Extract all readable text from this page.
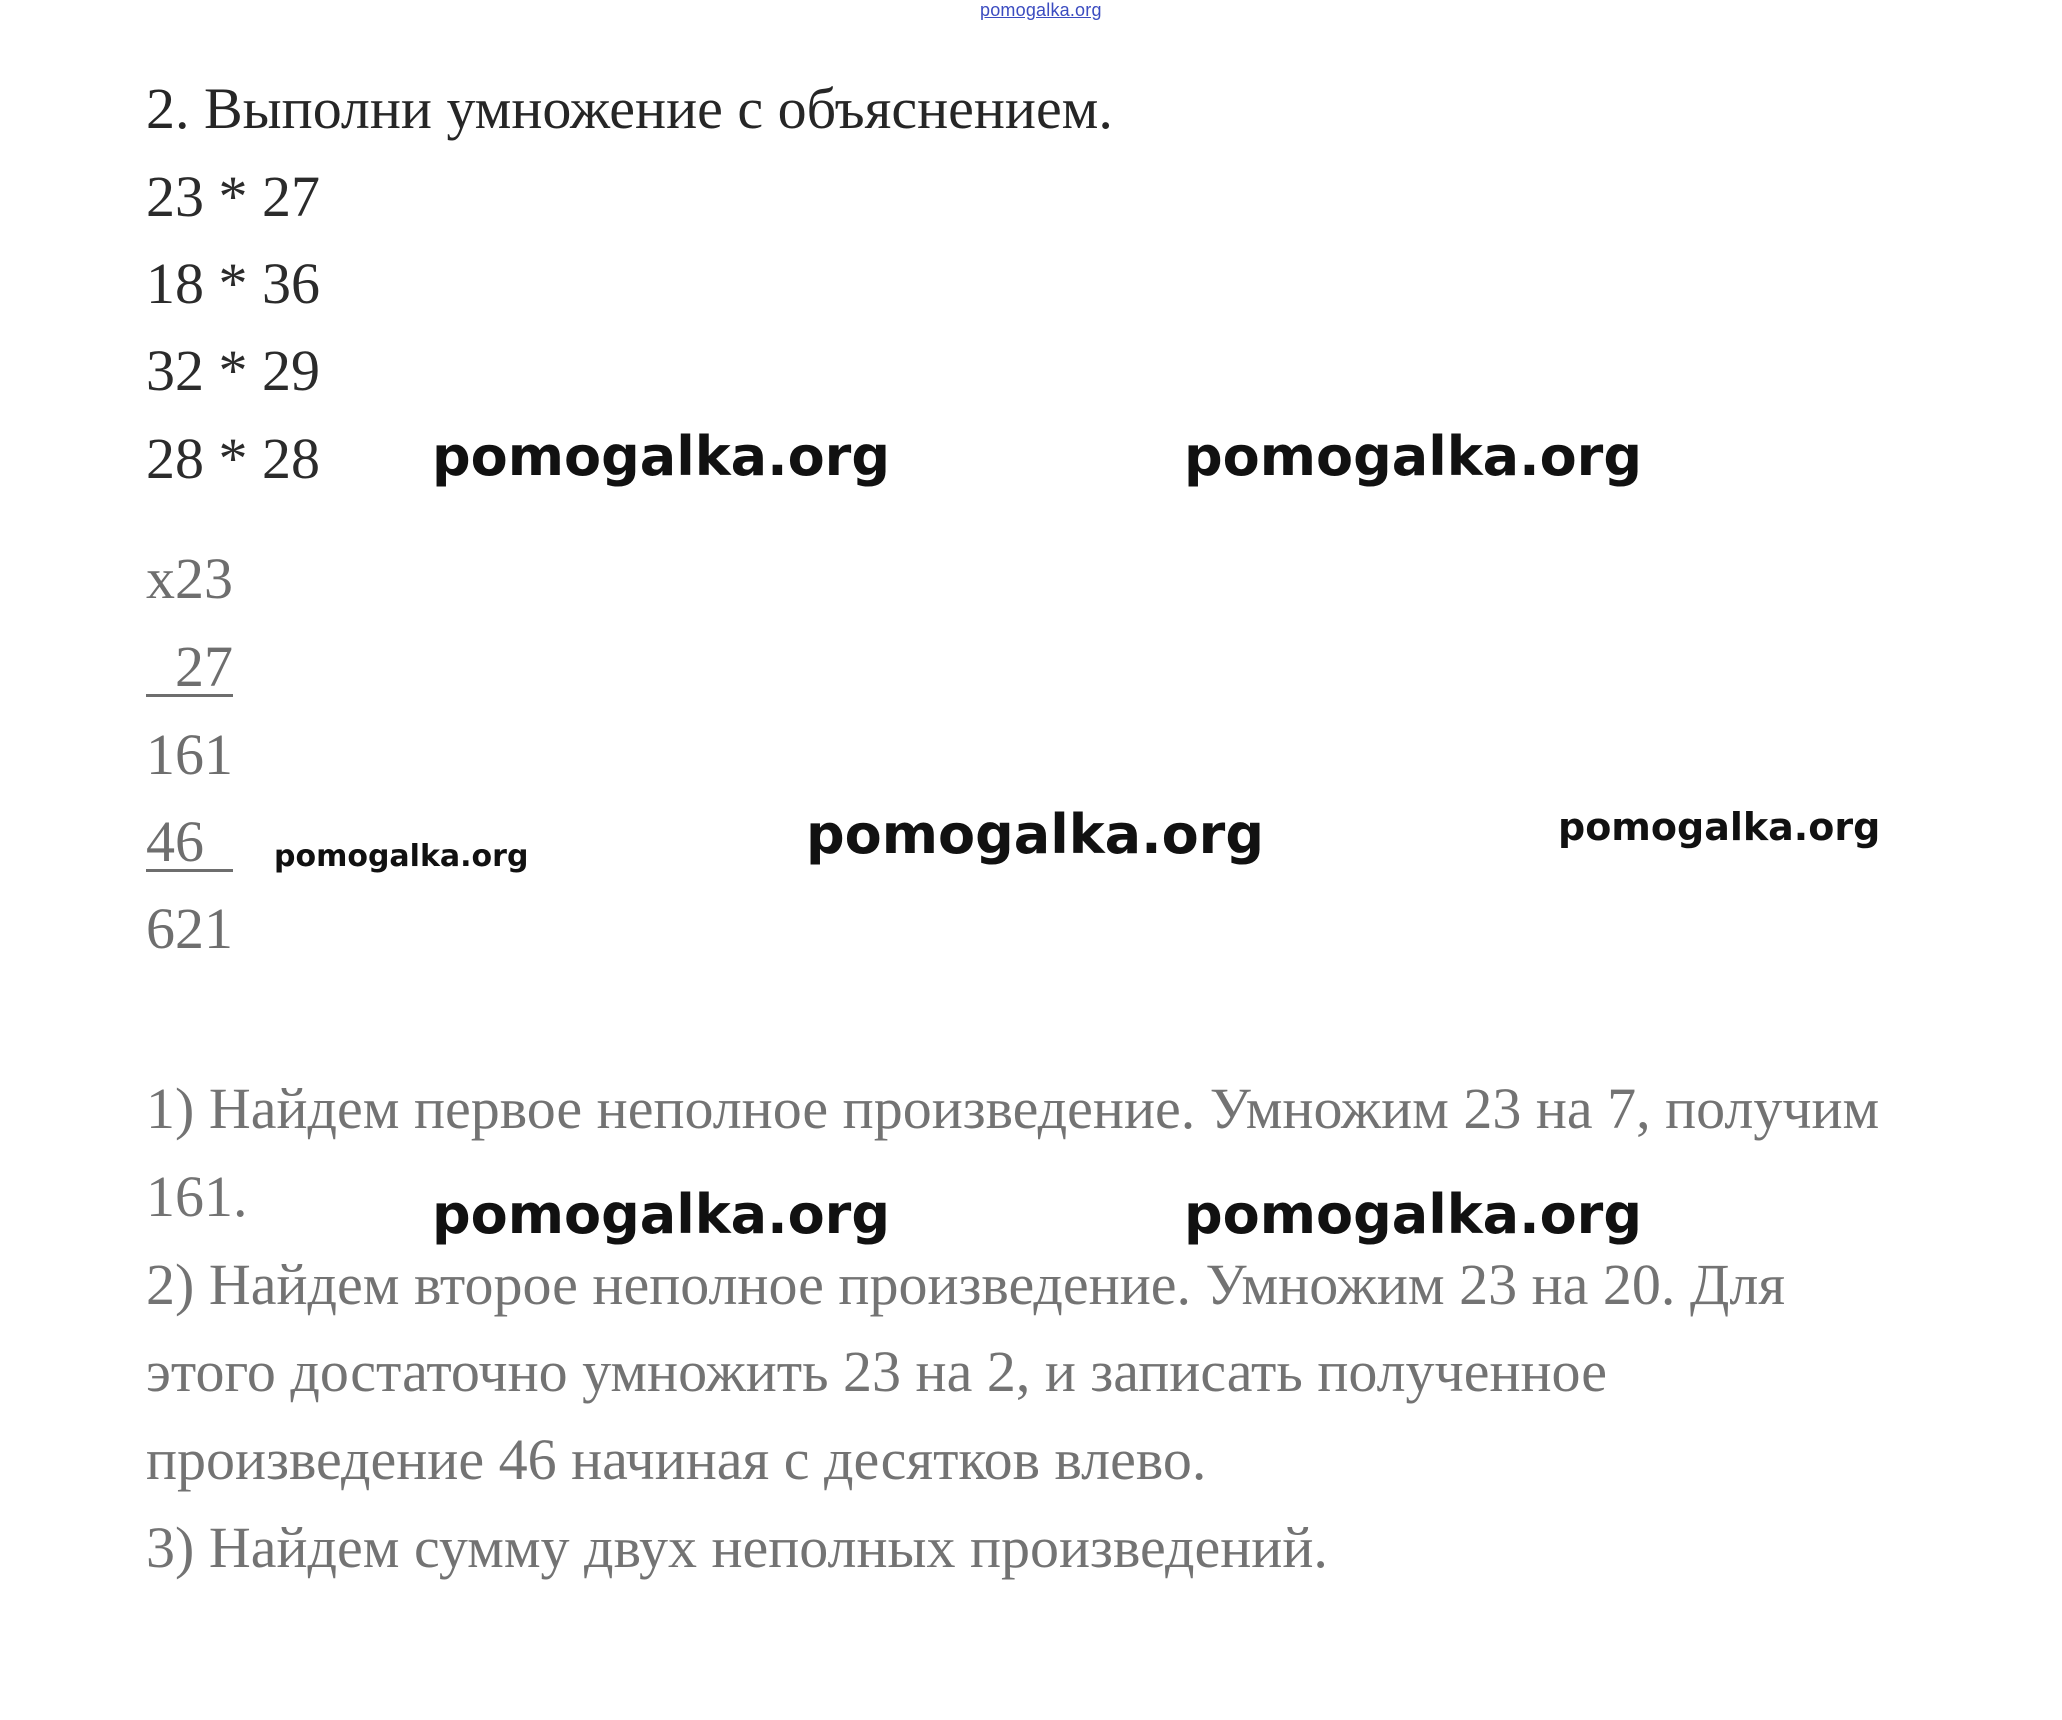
pomogalka.org
2. Выполни умножение с объяснением.
23 * 27
18 * 36
32 * 29
28 * 28
x23
27
161
46
621
1) Найдем первое неполное произведение. Умножим 23 на 7, получим
161.
2) Найдем второе неполное произведение. Умножим 23 на 20. Для
этого достаточно умножить 23 на 2, и записать полученное
произведение 46 начиная с десятков влево.
3) Найдем сумму двух неполных произведений.
pomogalka.org	pomogalka.org
pomogalka.org	pomogalka.org	pomogalka.org
pomogalka.org	pomogalka.org
